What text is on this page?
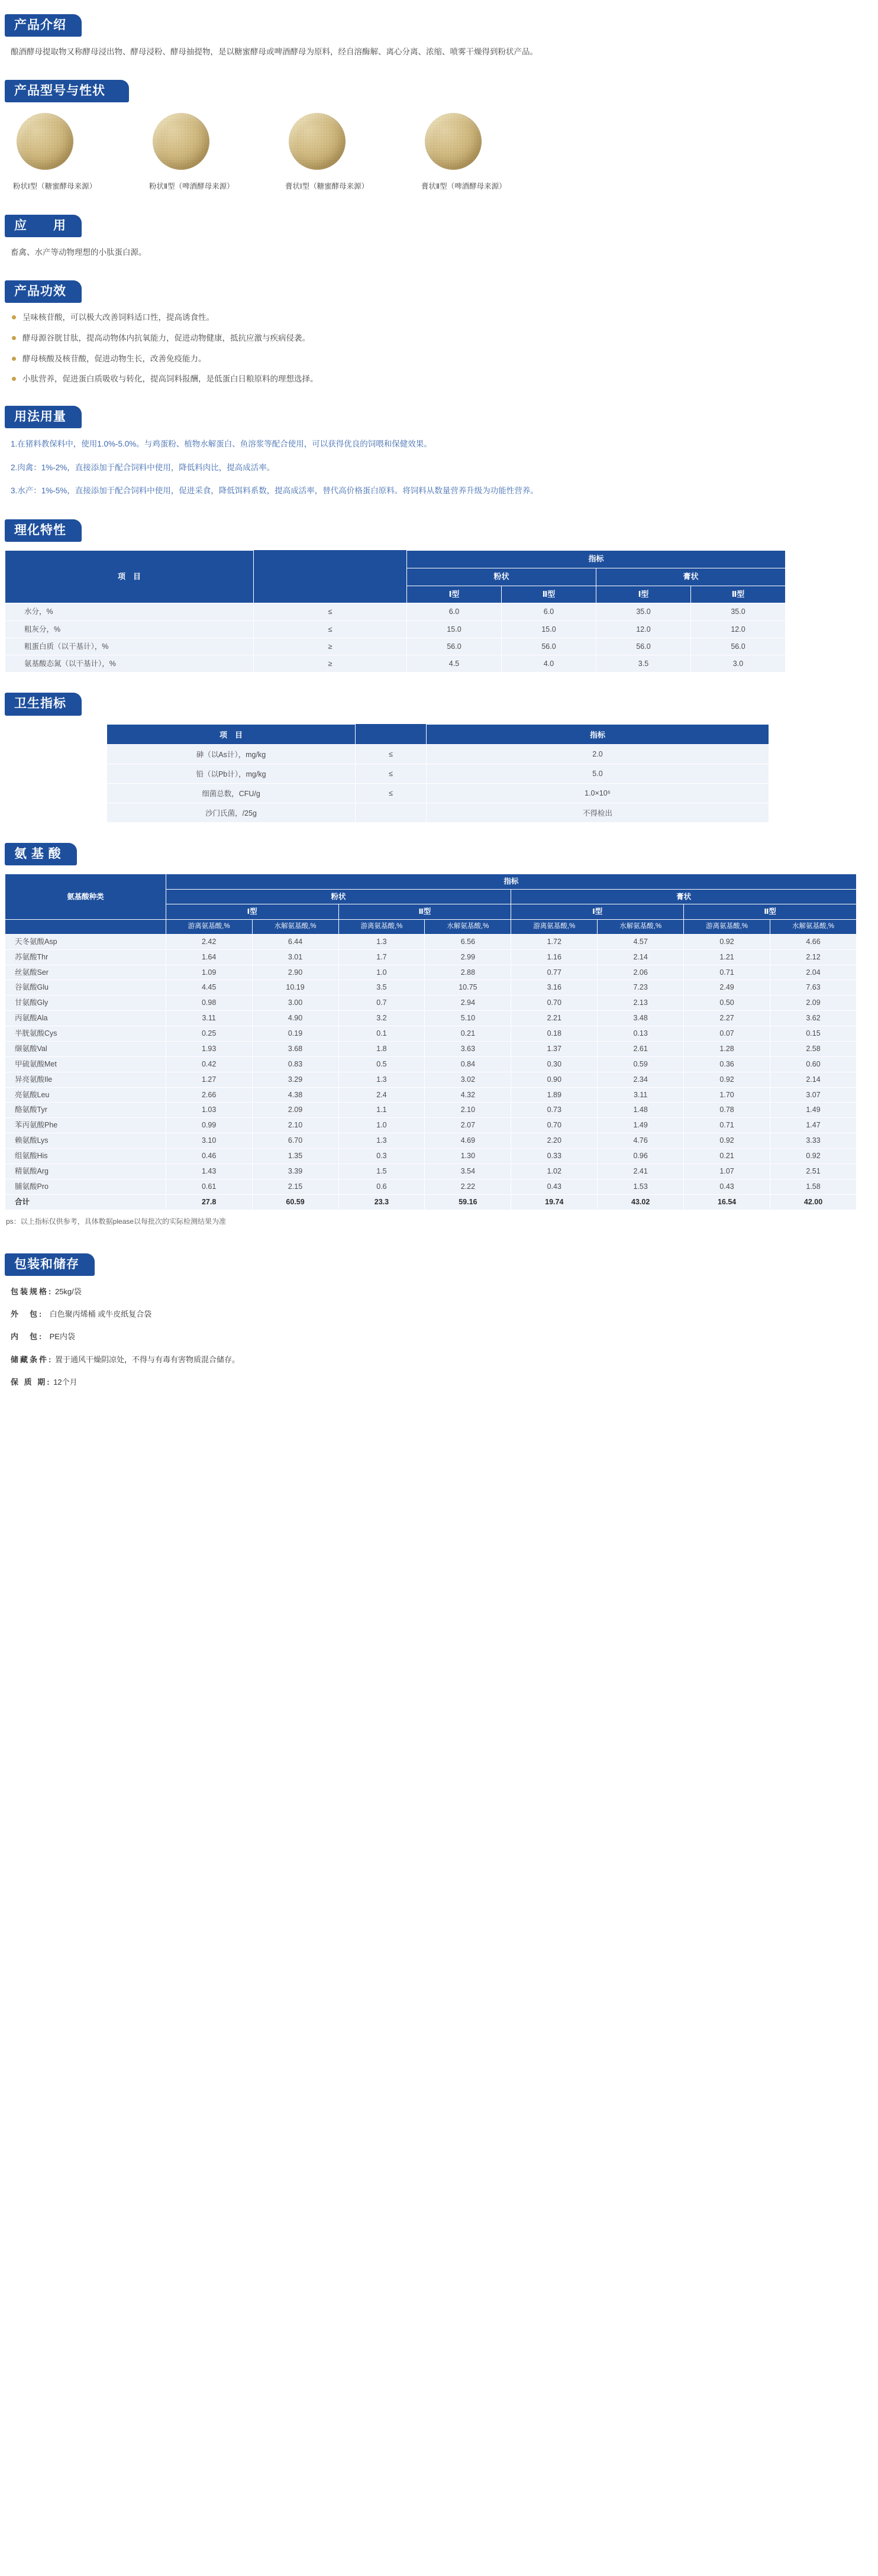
产品介绍

酿酒酵母提取物又称酵母浸出物、酵母浸粉、酵母抽提物，是以糖蜜酵母或啤酒酵母为原料，经自溶酶解、离心分离、浓缩、喷雾干燥得到粉状产品。

产品型号与性状
粉状Ⅰ型（糖蜜酵母来源）	粉状Ⅱ型（啤酒酵母来源）	膏状Ⅰ型（糖蜜酵母来源）	膏状Ⅱ型（啤酒酵母来源）
应　　用

畜禽、水产等动物理想的小肽蛋白源。

产品功效
呈味核苷酸，可以极大改善饲料适口性，提高诱食性。
酵母源谷胱甘肽，提高动物体内抗氧能力，促进动物健康，抵抗应激与疾病侵袭。
酵母核酸及核苷酸，促进动物生长，改善免疫能力。
小肽营养，促进蛋白质吸收与转化，提高饲料报酬，是低蛋白日粮原料的理想选择。
用法用量

1.在猪料教保料中，使用1.0%-5.0%。与鸡蛋粉、植物水解蛋白、鱼溶浆等配合使用，可以获得优良的饲喂和保健效果。

2.肉禽：1%-2%，直接添加于配合饲料中使用，降低料肉比，提高成活率。

3.水产：1%-5%，直接添加于配合饲料中使用，促进采食，降低饵料系数，提高成活率，替代高价格蛋白原料。将饲料从数量营养升级为功能性营养。

理化特性
项　目		指标			
		粉状		膏状	
		Ⅰ型	Ⅱ型	Ⅰ型	Ⅱ型
水分，%	≤	6.0	6.0	35.0	35.0
粗灰分，%	≤	15.0	15.0	12.0	12.0
粗蛋白质（以干基计），%	≥	56.0	56.0	56.0	56.0
氨基酸态氮（以干基计），%	≥	4.5	4.0	3.5	3.0
卫生指标
项　目		指标
砷（以As计），mg/kg	≤	2.0
铅（以Pb计），mg/kg	≤	5.0
细菌总数，CFU/g	≤	1.0×10⁶
沙门氏菌，/25g		不得检出
氨 基 酸
氨基酸种类	指标							
	粉状				膏状			
	Ⅰ型		Ⅱ型		Ⅰ型		Ⅱ型	
	游离氨基酸,%	水解氨基酸,%	游离氨基酸,%	水解氨基酸,%	游离氨基酸,%	水解氨基酸,%	游离氨基酸,%	水解氨基酸,%
天冬氨酸Asp	2.42	6.44	1.3	6.56	1.72	4.57	0.92	4.66
苏氨酸Thr	1.64	3.01	1.7	2.99	1.16	2.14	1.21	2.12
丝氨酸Ser	1.09	2.90	1.0	2.88	0.77	2.06	0.71	2.04
谷氨酸Glu	4.45	10.19	3.5	10.75	3.16	7.23	2.49	7.63
甘氨酸Gly	0.98	3.00	0.7	2.94	0.70	2.13	0.50	2.09
丙氨酸Ala	3.11	4.90	3.2	5.10	2.21	3.48	2.27	3.62
半胱氨酸Cys	0.25	0.19	0.1	0.21	0.18	0.13	0.07	0.15
缬氨酸Val	1.93	3.68	1.8	3.63	1.37	2.61	1.28	2.58
甲硫氨酸Met	0.42	0.83	0.5	0.84	0.30	0.59	0.36	0.60
异亮氨酸Ile	1.27	3.29	1.3	3.02	0.90	2.34	0.92	2.14
亮氨酸Leu	2.66	4.38	2.4	4.32	1.89	3.11	1.70	3.07
酪氨酸Tyr	1.03	2.09	1.1	2.10	0.73	1.48	0.78	1.49
苯丙氨酸Phe	0.99	2.10	1.0	2.07	0.70	1.49	0.71	1.47
赖氨酸Lys	3.10	6.70	1.3	4.69	2.20	4.76	0.92	3.33
组氨酸His	0.46	1.35	0.3	1.30	0.33	0.96	0.21	0.92
精氨酸Arg	1.43	3.39	1.5	3.54	1.02	2.41	1.07	2.51
脯氨酸Pro	0.61	2.15	0.6	2.22	0.43	1.53	0.43	1.58
合计	27.8	60.59	23.3	59.16	19.74	43.02	16.54	42.00
ps：以上指标仅供参考，具体数据please以每批次的实际检测结果为准
包装和储存

包装规格: 25kg/袋

外　包: 白色聚丙烯桶 或牛皮纸复合袋

内　包: PE内袋

储藏条件: 置于通风干燥阴凉处，不得与有毒有害物质混合储存。

保 质 期: 12个月
